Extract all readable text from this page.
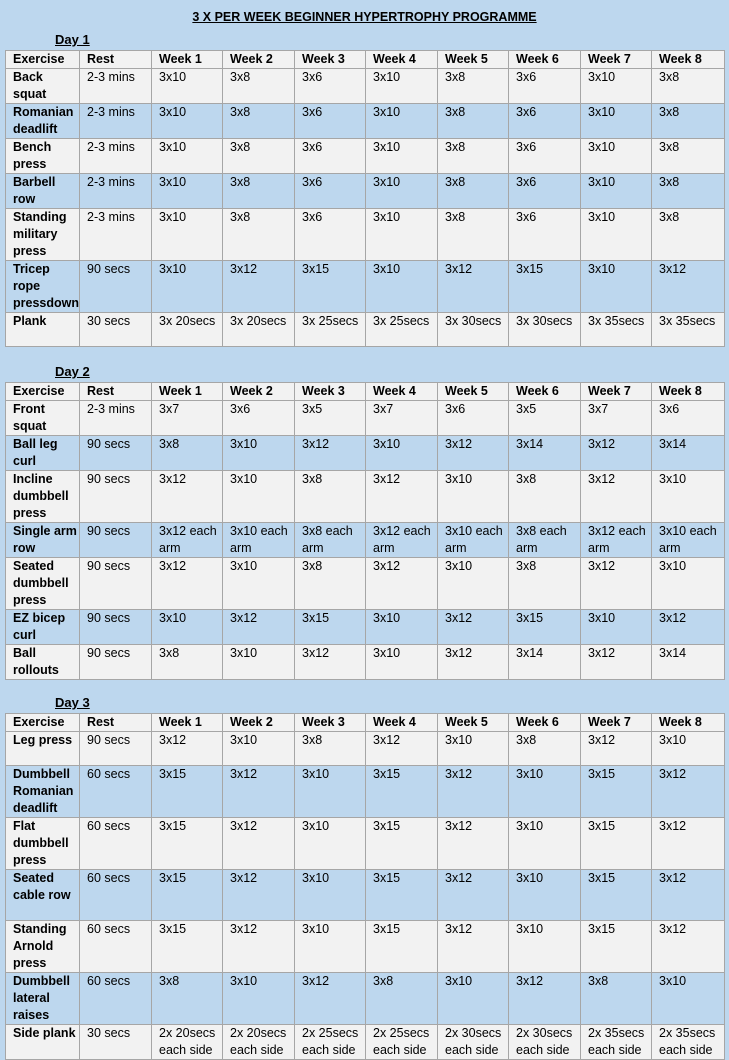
3 X PER WEEK BEGINNER HYPERTROPHY PROGRAMME
Day 1
Exercise	Rest	Week 1	Week 2	Week 3	Week 4	Week 5	Week 6	Week 7	Week 8
Back squat	2-3 mins	3x10	3x8	3x6	3x10	3x8	3x6	3x10	3x8
Romanian deadlift	2-3 mins	3x10	3x8	3x6	3x10	3x8	3x6	3x10	3x8
Bench press	2-3 mins	3x10	3x8	3x6	3x10	3x8	3x6	3x10	3x8
Barbell row	2-3 mins	3x10	3x8	3x6	3x10	3x8	3x6	3x10	3x8
Standing military press	2-3 mins	3x10	3x8	3x6	3x10	3x8	3x6	3x10	3x8
Tricep rope pressdown	90 secs	3x10	3x12	3x15	3x10	3x12	3x15	3x10	3x12
Plank	30 secs	3x 20secs	3x 20secs	3x 25secs	3x 25secs	3x 30secs	3x 30secs	3x 35secs	3x 35secs
Day 2
Exercise	Rest	Week 1	Week 2	Week 3	Week 4	Week 5	Week 6	Week 7	Week 8
Front squat	2-3 mins	3x7	3x6	3x5	3x7	3x6	3x5	3x7	3x6
Ball leg curl	90 secs	3x8	3x10	3x12	3x10	3x12	3x14	3x12	3x14
Incline dumbbell press	90 secs	3x12	3x10	3x8	3x12	3x10	3x8	3x12	3x10
Single arm row	90 secs	3x12 each arm	3x10 each arm	3x8 each arm	3x12 each arm	3x10 each arm	3x8 each arm	3x12 each arm	3x10 each arm
Seated dumbbell press	90 secs	3x12	3x10	3x8	3x12	3x10	3x8	3x12	3x10
EZ bicep curl	90 secs	3x10	3x12	3x15	3x10	3x12	3x15	3x10	3x12
Ball rollouts	90 secs	3x8	3x10	3x12	3x10	3x12	3x14	3x12	3x14
Day 3
Exercise	Rest	Week 1	Week 2	Week 3	Week 4	Week 5	Week 6	Week 7	Week 8
Leg press	90 secs	3x12	3x10	3x8	3x12	3x10	3x8	3x12	3x10
Dumbbell Romanian deadlift	60 secs	3x15	3x12	3x10	3x15	3x12	3x10	3x15	3x12
Flat dumbbell press	60 secs	3x15	3x12	3x10	3x15	3x12	3x10	3x15	3x12
Seated cable row	60 secs	3x15	3x12	3x10	3x15	3x12	3x10	3x15	3x12
Standing Arnold press	60 secs	3x15	3x12	3x10	3x15	3x12	3x10	3x15	3x12
Dumbbell lateral raises	60 secs	3x8	3x10	3x12	3x8	3x10	3x12	3x8	3x10
Side plank	30 secs	2x 20secs each side	2x 20secs each side	2x 25secs each side	2x 25secs each side	2x 30secs each side	2x 30secs each side	2x 35secs each side	2x 35secs each side
